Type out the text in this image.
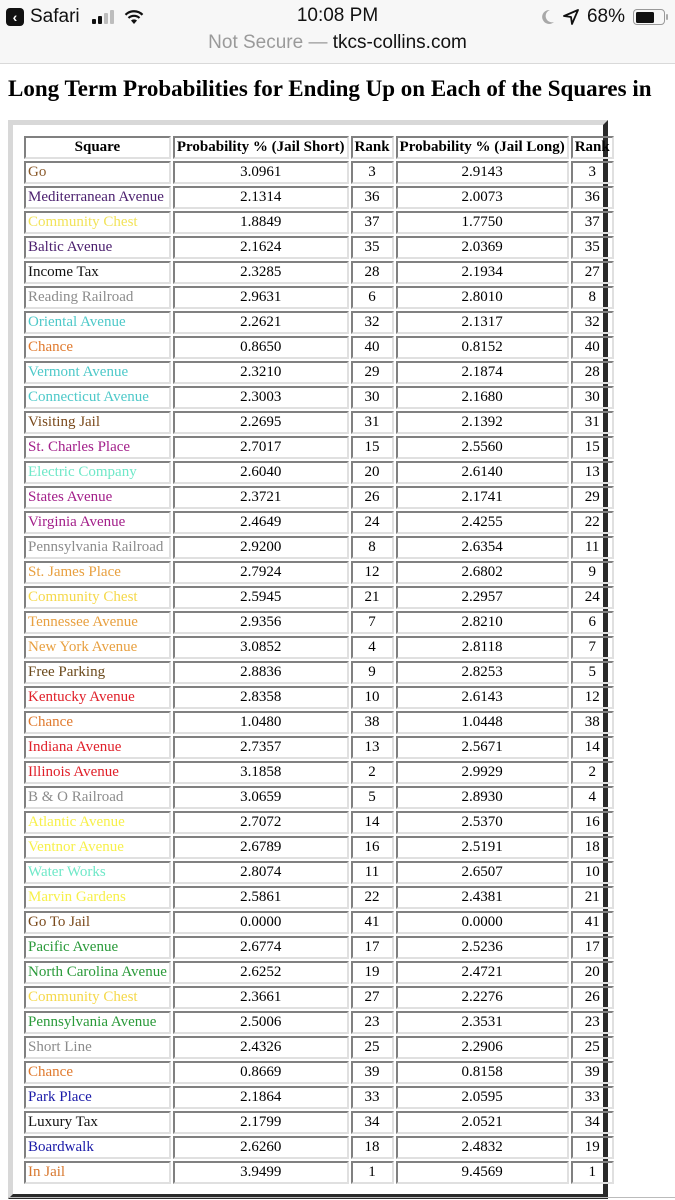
‹ Safari	10:08 PM	68%
Not Secure — tkcs-collins.com
Long Term Probabilities for Ending Up on Each of the Squares in
Square	Probability % (Jail Short)	Rank	Probability % (Jail Long)	Rank
Go	3.0961	3	2.9143	3
Mediterranean Avenue	2.1314	36	2.0073	36
Community Chest	1.8849	37	1.7750	37
Baltic Avenue	2.1624	35	2.0369	35
Income Tax	2.3285	28	2.1934	27
Reading Railroad	2.9631	6	2.8010	8
Oriental Avenue	2.2621	32	2.1317	32
Chance	0.8650	40	0.8152	40
Vermont Avenue	2.3210	29	2.1874	28
Connecticut Avenue	2.3003	30	2.1680	30
Visiting Jail	2.2695	31	2.1392	31
St. Charles Place	2.7017	15	2.5560	15
Electric Company	2.6040	20	2.6140	13
States Avenue	2.3721	26	2.1741	29
Virginia Avenue	2.4649	24	2.4255	22
Pennsylvania Railroad	2.9200	8	2.6354	11
St. James Place	2.7924	12	2.6802	9
Community Chest	2.5945	21	2.2957	24
Tennessee Avenue	2.9356	7	2.8210	6
New York Avenue	3.0852	4	2.8118	7
Free Parking	2.8836	9	2.8253	5
Kentucky Avenue	2.8358	10	2.6143	12
Chance	1.0480	38	1.0448	38
Indiana Avenue	2.7357	13	2.5671	14
Illinois Avenue	3.1858	2	2.9929	2
B & O Railroad	3.0659	5	2.8930	4
Atlantic Avenue	2.7072	14	2.5370	16
Ventnor Avenue	2.6789	16	2.5191	18
Water Works	2.8074	11	2.6507	10
Marvin Gardens	2.5861	22	2.4381	21
Go To Jail	0.0000	41	0.0000	41
Pacific Avenue	2.6774	17	2.5236	17
North Carolina Avenue	2.6252	19	2.4721	20
Community Chest	2.3661	27	2.2276	26
Pennsylvania Avenue	2.5006	23	2.3531	23
Short Line	2.4326	25	2.2906	25
Chance	0.8669	39	0.8158	39
Park Place	2.1864	33	2.0595	33
Luxury Tax	2.1799	34	2.0521	34
Boardwalk	2.6260	18	2.4832	19
In Jail	3.9499	1	9.4569	1
